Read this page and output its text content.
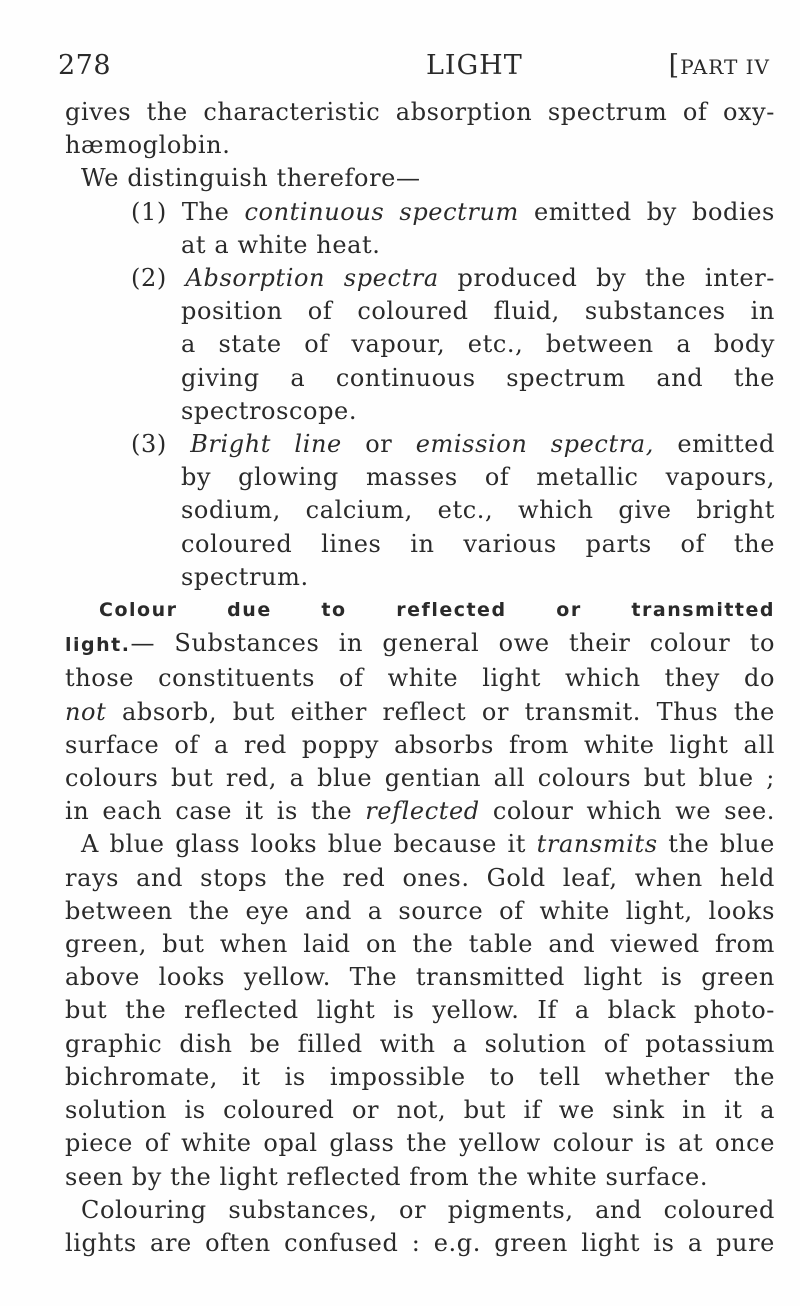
278	LIGHT	[PART IV
gives the characteristic absorption spectrum of oxy-
hæmoglobin.
We distinguish therefore—
(1) The continuous spectrum emitted by bodies
at a white heat.
(2) Absorption spectra produced by the inter-
position of coloured fluid, substances in
a state of vapour, etc., between a body
giving a continuous spectrum and the
spectroscope.
(3) Bright line or emission spectra, emitted
by glowing masses of metallic vapours,
sodium, calcium, etc., which give bright
coloured lines in various parts of the
spectrum.
Colour due to reflected or transmitted
light.— Substances in general owe their colour to
those constituents of white light which they do
not absorb, but either reflect or transmit. Thus the
surface of a red poppy absorbs from white light all
colours but red, a blue gentian all colours but blue ;
in each case it is the reflected colour which we see.
A blue glass looks blue because it transmits the blue
rays and stops the red ones. Gold leaf, when held
between the eye and a source of white light, looks
green, but when laid on the table and viewed from
above looks yellow. The transmitted light is green
but the reflected light is yellow. If a black photo-
graphic dish be filled with a solution of potassium
bichromate, it is impossible to tell whether the
solution is coloured or not, but if we sink in it a
piece of white opal glass the yellow colour is at once
seen by the light reflected from the white surface.
Colouring substances, or pigments, and coloured
lights are often confused : e.g. green light is a pure
